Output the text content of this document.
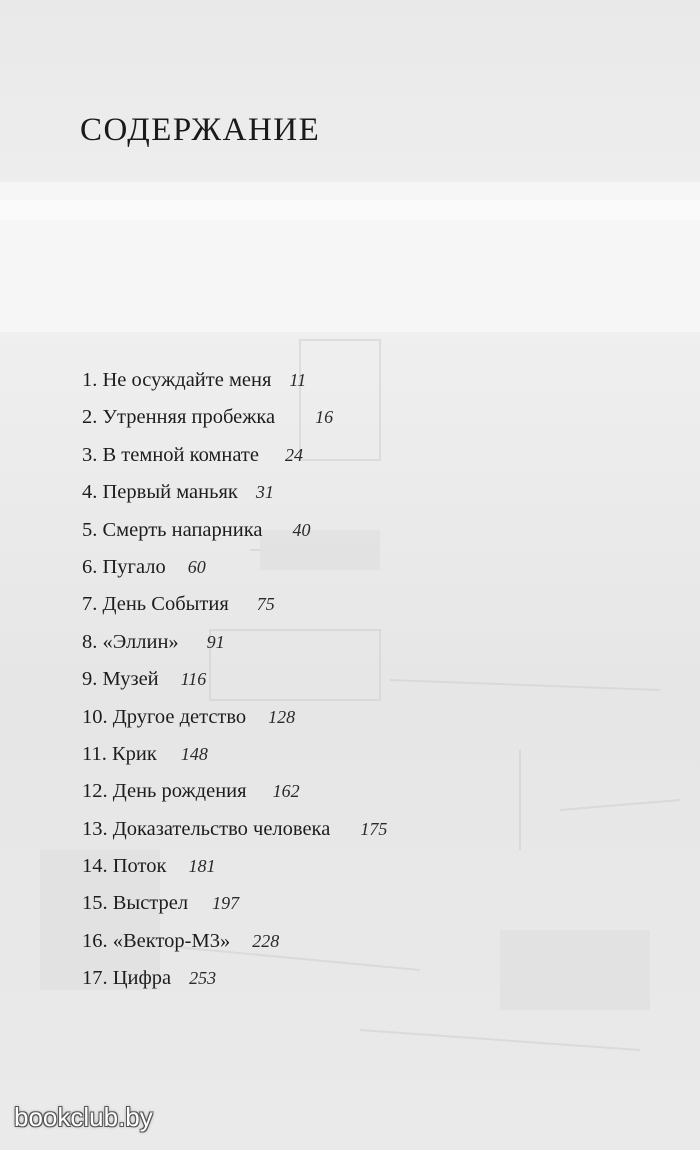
СОДЕРЖАНИЕ
1. Не осуждайте меня 11
2. Утренняя пробежка 16
3. В темной комнате 24
4. Первый маньяк 31
5. Смерть напарника 40
6. Пугало 60
7. День События 75
8. «Эллин» 91
9. Музей 116
10. Другое детство 128
11. Крик 148
12. День рождения 162
13. Доказательство человека 175
14. Поток 181
15. Выстрел 197
16. «Вектор-М3» 228
17. Цифра 253
bookclub.by
